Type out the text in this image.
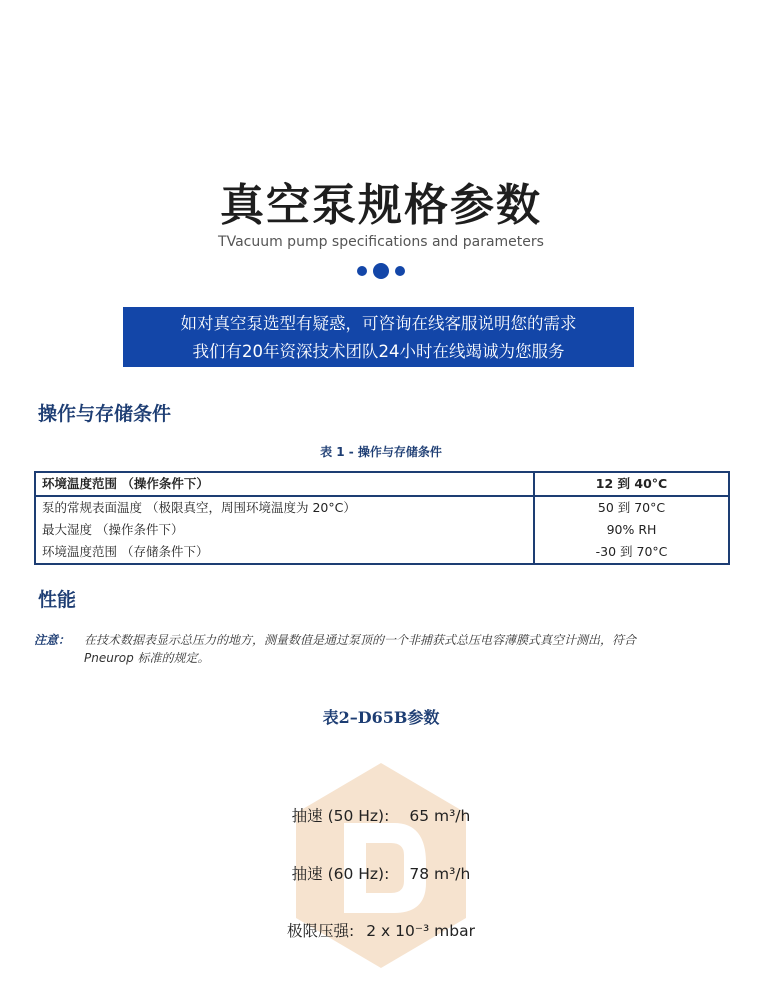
真空泵规格参数
TVacuum pump specifications and parameters
如对真空泵选型有疑惑，可咨询在线客服说明您的需求
我们有20年资深技术团队24小时在线竭诚为您服务
操作与存储条件
表 1 - 操作与存储条件
环境温度范围 （操作条件下）	12 到 40°C
泵的常规表面温度 （极限真空，周围环境温度为 20°C）	50 到 70°C
最大湿度 （操作条件下）	90% RH
环境温度范围 （存储条件下）	-30 到 70°C
性能
注意： 在技术数据表显示总压力的地方，测量数值是通过泵顶的一个非捕获式总压电容薄膜式真空计测出，符合
Pneurop 标准的规定。
表2–D65B参数
抽速 (50 Hz): 65 m³/h
抽速 (60 Hz): 78 m³/h
极限压强: 2 x 10⁻³ mbar
